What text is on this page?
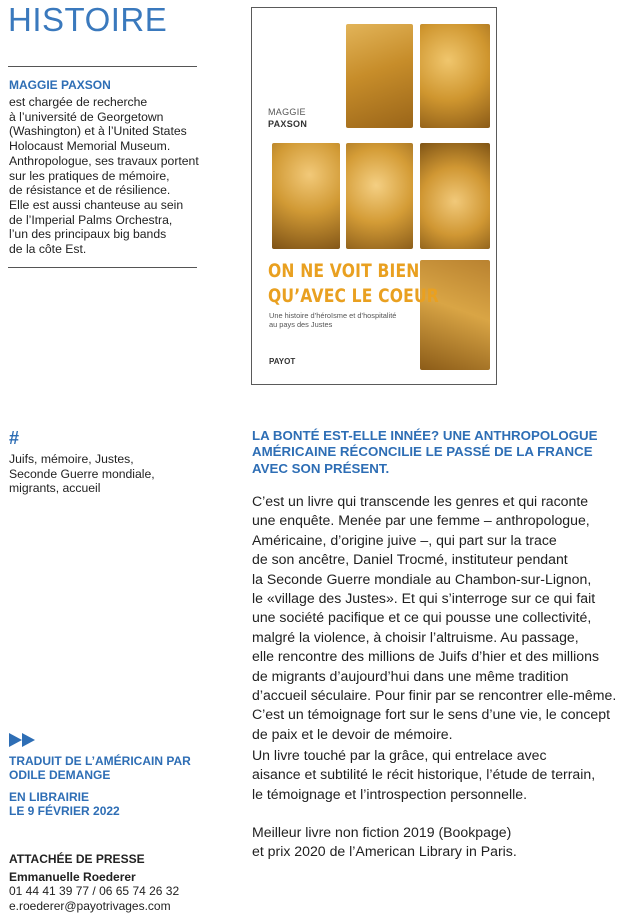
HISTOIRE
MAGGIE PAXSON
est chargée de recherche
à l’université de Georgetown
(Washington) et à l’United States
Holocaust Memorial Museum.
Anthropologue, ses travaux portent
sur les pratiques de mémoire,
de résistance et de résilience.
Elle est aussi chanteuse au sein
de l’Imperial Palms Orchestra,
l’un des principaux big bands
de la côte Est.
MAGGIE
PAXSON
ON NE VOIT BIEN
QU’AVEC LE COEUR
Une histoire d’héroïsme et d’hospitalité
au pays des Justes
PAYOT
#
Juifs, mémoire, Justes,
Seconde Guerre mondiale,
migrants, accueil
LA BONTÉ EST-ELLE INNÉE? UNE ANTHROPOLOGUE
AMÉRICAINE RÉCONCILIE LE PASSÉ DE LA FRANCE
AVEC SON PRÉSENT.
C’est un livre qui transcende les genres et qui raconte
une enquête. Menée par une femme – anthropologue,
Américaine, d’origine juive –, qui part sur la trace
de son ancêtre, Daniel Trocmé, instituteur pendant
la Seconde Guerre mondiale au Chambon-sur-Lignon,
le «village des Justes». Et qui s’interroge sur ce qui fait
une société pacifique et ce qui pousse une collectivité,
malgré la violence, à choisir l’altruisme. Au passage,
elle rencontre des millions de Juifs d’hier et des millions
de migrants d’aujourd’hui dans une même tradition
d’accueil séculaire. Pour finir par se rencontrer elle-même.
C’est un témoignage fort sur le sens d’une vie, le concept
de paix et le devoir de mémoire.
Un livre touché par la grâce, qui entrelace avec
aisance et subtilité le récit historique, l’étude de terrain,
le témoignage et l’introspection personnelle.
Meilleur livre non fiction 2019 (Bookpage)
et prix 2020 de l’American Library in Paris.
TRADUIT DE L’AMÉRICAIN PAR
ODILE DEMANGE
EN LIBRAIRIE
LE 9 FÉVRIER 2022
ATTACHÉE DE PRESSE
Emmanuelle Roederer
01 44 41 39 77 / 06 65 74 26 32
e.roederer@payotrivages.com
